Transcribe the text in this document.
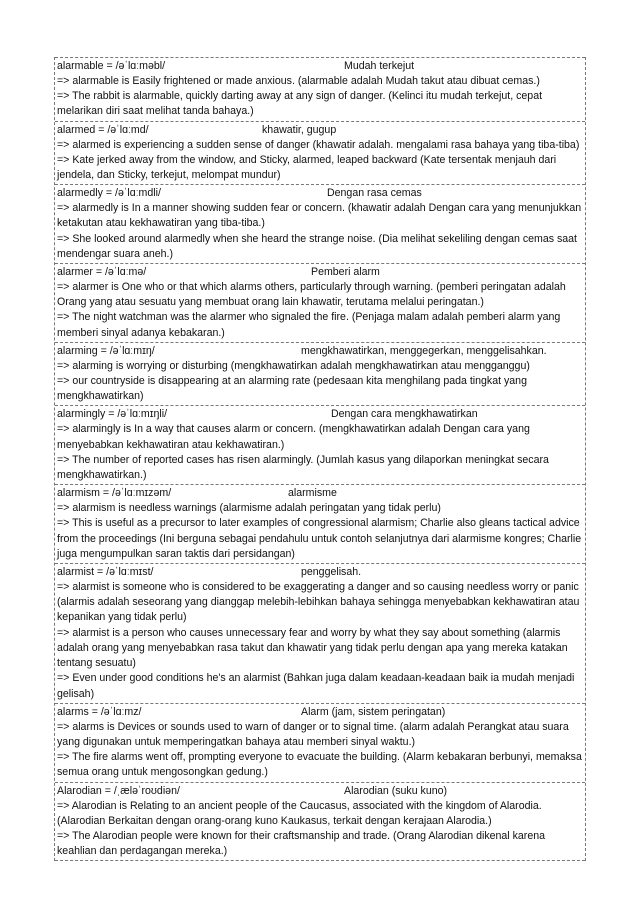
alarmable = /əˈlɑːməbl/	Mudah terkejut

=> alarmable is Easily frightened or made anxious. (alarmable adalah Mudah takut atau dibuat cemas.)

=> The rabbit is alarmable, quickly darting away at any sign of danger. (Kelinci itu mudah terkejut, cepat melarikan diri saat melihat tanda bahaya.)

alarmed = /əˈlɑːmd/	khawatir, gugup

=> alarmed is experiencing a sudden sense of danger (khawatir adalah. mengalami rasa bahaya yang tiba-tiba)

=> Kate jerked away from the window, and Sticky, alarmed, leaped backward (Kate tersentak menjauh dari jendela, dan Sticky, terkejut, melompat mundur)

alarmedly = /əˈlɑːmdli/	Dengan rasa cemas

=> alarmedly is In a manner showing sudden fear or concern. (khawatir adalah Dengan cara yang menunjukkan ketakutan atau kekhawatiran yang tiba-tiba.)

=> She looked around alarmedly when she heard the strange noise. (Dia melihat sekeliling dengan cemas saat mendengar suara aneh.)

alarmer = /əˈlɑːmə/	Pemberi alarm

=> alarmer is One who or that which alarms others, particularly through warning. (pemberi peringatan adalah Orang yang atau sesuatu yang membuat orang lain khawatir, terutama melalui peringatan.)

=> The night watchman was the alarmer who signaled the fire. (Penjaga malam adalah pemberi alarm yang memberi sinyal adanya kebakaran.)

alarming = /əˈlɑːmɪŋ/	mengkhawatirkan, menggegerkan, menggelisahkan.

=> alarming is worrying or disturbing (mengkhawatirkan adalah mengkhawatirkan atau mengganggu)

=> our countryside is disappearing at an alarming rate (pedesaan kita menghilang pada tingkat yang mengkhawatirkan)

alarmingly = /əˈlɑːmɪŋli/	Dengan cara mengkhawatirkan

=> alarmingly is In a way that causes alarm or concern. (mengkhawatirkan adalah Dengan cara yang menyebabkan kekhawatiran atau kekhawatiran.)

=> The number of reported cases has risen alarmingly. (Jumlah kasus yang dilaporkan meningkat secara mengkhawatirkan.)

alarmism = /əˈlɑːmɪzəm/	alarmisme

=> alarmism is needless warnings (alarmisme adalah peringatan yang tidak perlu)

=> This is useful as a precursor to later examples of congressional alarmism; Charlie also gleans tactical advice from the proceedings (Ini berguna sebagai pendahulu untuk contoh selanjutnya dari alarmisme kongres; Charlie juga mengumpulkan saran taktis dari persidangan)

alarmist = /əˈlɑːmɪst/	penggelisah.

=> alarmist is someone who is considered to be exaggerating a danger and so causing needless worry or panic (alarmis adalah seseorang yang dianggap melebih-lebihkan bahaya sehingga menyebabkan kekhawatiran atau kepanikan yang tidak perlu)

=> alarmist is a person who causes unnecessary fear and worry by what they say about something (alarmis adalah orang yang menyebabkan rasa takut dan khawatir yang tidak perlu dengan apa yang mereka katakan tentang sesuatu)

=> Even under good conditions he's an alarmist (Bahkan juga dalam keadaan-keadaan baik ia mudah menjadi gelisah)

alarms = /əˈlɑːmz/	Alarm (jam, sistem peringatan)

=> alarms is Devices or sounds used to warn of danger or to signal time. (alarm adalah Perangkat atau suara yang digunakan untuk memperingatkan bahaya atau memberi sinyal waktu.)

=> The fire alarms went off, prompting everyone to evacuate the building. (Alarm kebakaran berbunyi, memaksa semua orang untuk mengosongkan gedung.)

Alarodian = /ˌæləˈroʊdiən/	Alarodian (suku kuno)

=> Alarodian is Relating to an ancient people of the Caucasus, associated with the kingdom of Alarodia. (Alarodian Berkaitan dengan orang-orang kuno Kaukasus, terkait dengan kerajaan Alarodia.)

=> The Alarodian people were known for their craftsmanship and trade. (Orang Alarodian dikenal karena keahlian dan perdagangan mereka.)
